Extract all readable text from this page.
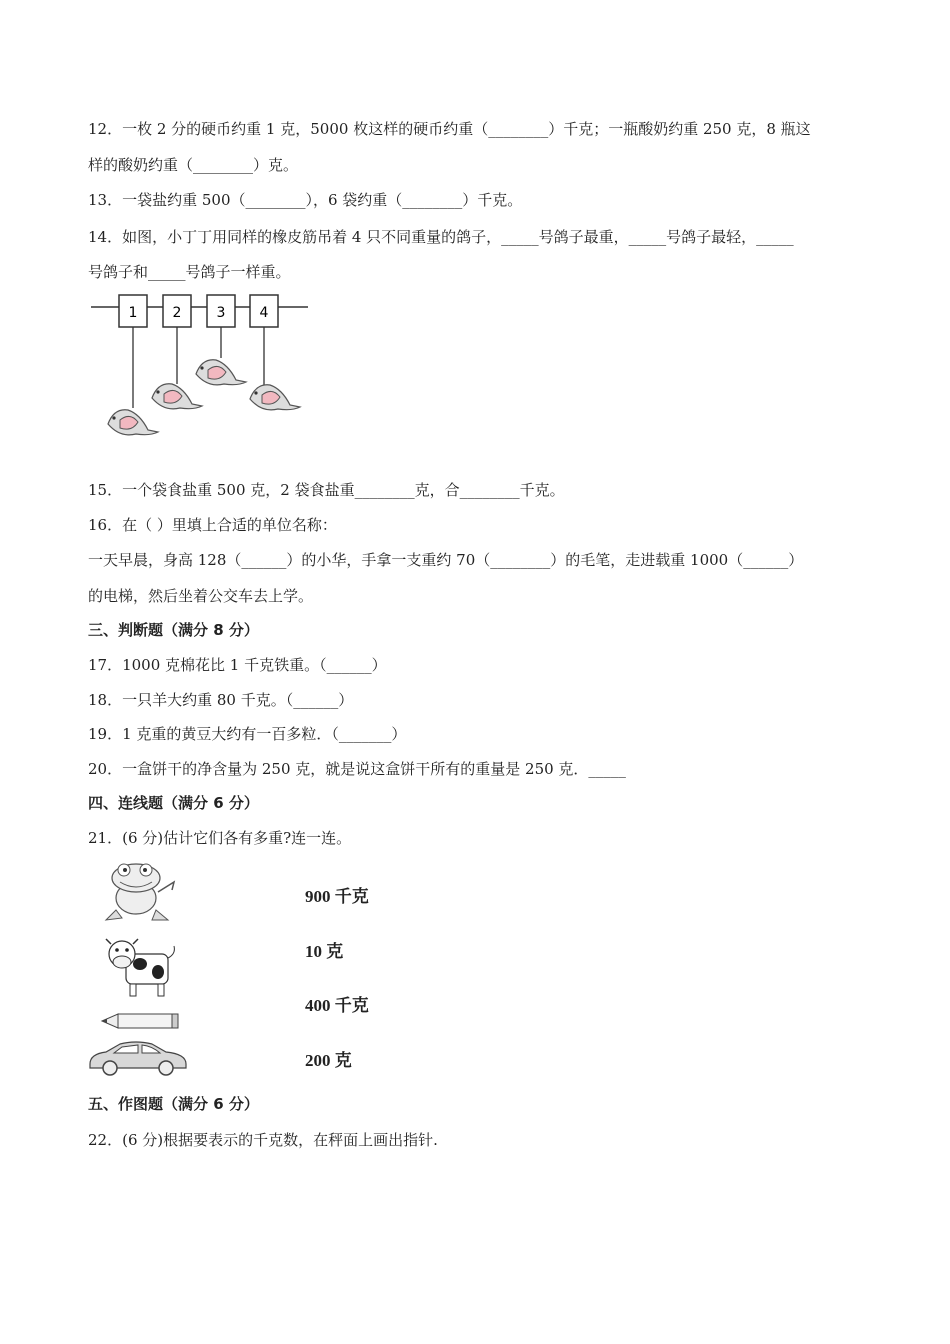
12．一枚 2 分的硬币约重 1 克，5000 枚这样的硬币约重（________）千克；一瓶酸奶约重 250 克，8 瓶这
样的酸奶约重（________）克。
13．一袋盐约重 500（________），6 袋约重（________）千克。
14．如图，小丁丁用同样的橡皮筋吊着 4 只不同重量的鸽子，_____号鸽子最重，_____号鸽子最轻，_____
号鸽子和_____号鸽子一样重。
1	2	3 4
15．一个袋食盐重 500 克，2 袋食盐重________克，合________千克。
16．在（ ）里填上合适的单位名称：
一天早晨，身高 128（______）的小华，手拿一支重约 70（________）的毛笔，走进载重 1000（______）
的电梯，然后坐着公交车去上学。
三、判断题（满分 8 分）
17．1000 克棉花比 1 千克铁重。（______）
18．一只羊大约重 80 千克。（______）
19．1 克重的黄豆大约有一百多粒．（_______）
20．一盒饼干的净含量为 250 克，就是说这盒饼干所有的重量是 250 克．_____
四、连线题（满分 6 分）
21．(6 分)估计它们各有多重?连一连。
900 千克
10 克
400 千克
200 克
五、作图题（满分 6 分）
22．(6 分)根据要表示的千克数，在秤面上画出指针.
